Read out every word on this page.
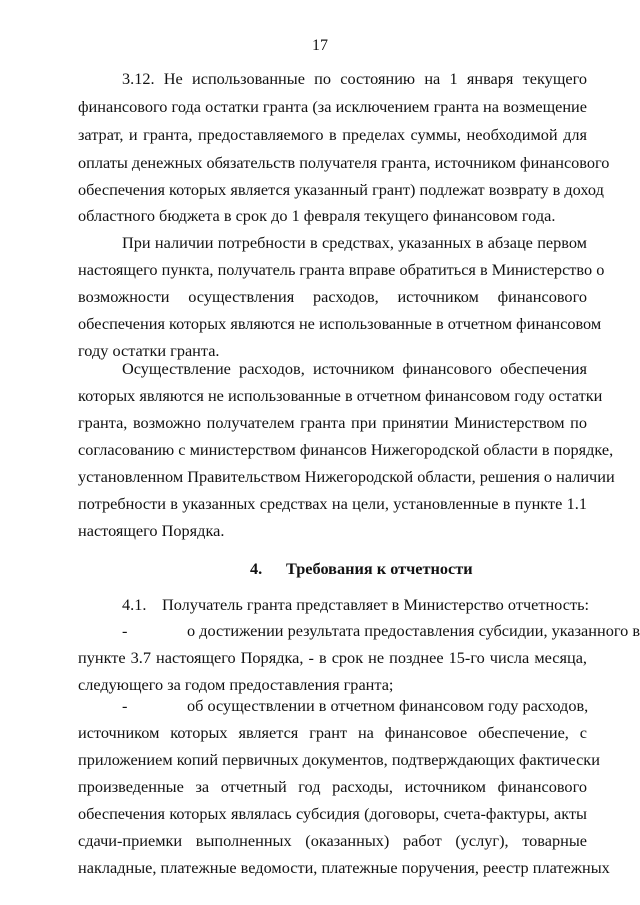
17
3.12. Не использованные по состоянию на 1 января текущего
финансового года остатки гранта (за исключением гранта на возмещение
затрат, и гранта, предоставляемого в пределах суммы, необходимой для
оплаты денежных обязательств получателя гранта, источником финансового
обеспечения которых является указанный грант) подлежат возврату в доход
областного бюджета в срок до 1 февраля текущего финансовом года.
При наличии потребности в средствах, указанных в абзаце первом
настоящего пункта, получатель гранта вправе обратиться в Министерство о
возможности осуществления расходов, источником финансового
обеспечения которых являются не использованные в отчетном финансовом
году остатки гранта.
Осуществление расходов, источником финансового обеспечения
которых являются не использованные в отчетном финансовом году остатки
гранта, возможно получателем гранта при принятии Министерством по
согласованию с министерством финансов Нижегородской области в порядке,
установленном Правительством Нижегородской области, решения о наличии
потребности в указанных средствах на цели, установленные в пункте 1.1
настоящего Порядка.
4.	Требования к отчетности
4.1. Получатель гранта представляет в Министерство отчетность:
-	о достижении результата предоставления субсидии, указанного в
пункте 3.7 настоящего Порядка, - в срок не позднее 15-го числа месяца,
следующего за годом предоставления гранта;
-	об осуществлении в отчетном финансовом году расходов,
источником которых является грант на финансовое обеспечение, с
приложением копий первичных документов, подтверждающих фактически
произведенные за отчетный год расходы, источником финансового
обеспечения которых являлась субсидия (договоры, счета-фактуры, акты
сдачи-приемки выполненных (оказанных) работ (услуг), товарные
накладные, платежные ведомости, платежные поручения, реестр платежных
